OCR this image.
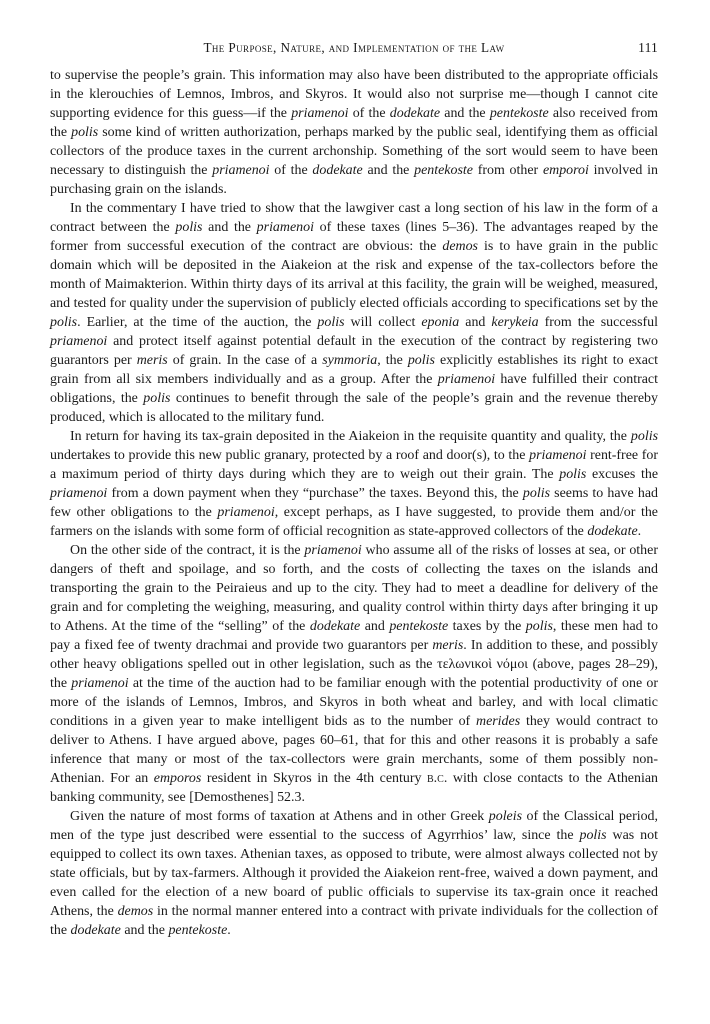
The Purpose, Nature, and Implementation of the Law	111

to supervise the people’s grain. This information may also have been distributed to the appropriate officials in the klerouchies of Lemnos, Imbros, and Skyros. It would also not surprise me—though I cannot cite supporting evidence for this guess—if the priamenoi of the dodekate and the pentekoste also received from the polis some kind of written authorization, perhaps marked by the public seal, identifying them as official collectors of the produce taxes in the current archonship. Something of the sort would seem to have been necessary to distinguish the priamenoi of the dodekate and the pentekoste from other emporoi involved in purchasing grain on the islands.

In the commentary I have tried to show that the lawgiver cast a long section of his law in the form of a contract between the polis and the priamenoi of these taxes (lines 5–36). The advantages reaped by the former from successful execution of the contract are obvious: the demos is to have grain in the public domain which will be deposited in the Aiakeion at the risk and expense of the tax-collectors before the month of Maimakterion. Within thirty days of its arrival at this facility, the grain will be weighed, measured, and tested for quality under the supervision of publicly elected officials according to specifications set by the polis. Earlier, at the time of the auction, the polis will collect eponia and kerykeia from the successful priamenoi and protect itself against potential default in the execution of the contract by registering two guarantors per meris of grain. In the case of a symmoria, the polis explicitly establishes its right to exact grain from all six members individually and as a group. After the priamenoi have fulfilled their contract obligations, the polis continues to benefit through the sale of the people’s grain and the revenue thereby produced, which is allocated to the military fund.

In return for having its tax-grain deposited in the Aiakeion in the requisite quantity and quality, the polis undertakes to provide this new public granary, protected by a roof and door(s), to the priamenoi rent-free for a maximum period of thirty days during which they are to weigh out their grain. The polis excuses the priamenoi from a down payment when they “purchase” the taxes. Beyond this, the polis seems to have had few other obligations to the priamenoi, except perhaps, as I have suggested, to provide them and/or the farmers on the islands with some form of official recognition as state-approved collectors of the dodekate.

On the other side of the contract, it is the priamenoi who assume all of the risks of losses at sea, or other dangers of theft and spoilage, and so forth, and the costs of collecting the taxes on the islands and transporting the grain to the Peiraieus and up to the city. They had to meet a deadline for delivery of the grain and for completing the weighing, measuring, and quality control within thirty days after bringing it up to Athens. At the time of the “selling” of the dodekate and pentekoste taxes by the polis, these men had to pay a fixed fee of twenty drachmai and provide two guarantors per meris. In addition to these, and possibly other heavy obligations spelled out in other legislation, such as the τελωνικοὶ νόμοι (above, pages 28–29), the priamenoi at the time of the auction had to be familiar enough with the potential productivity of one or more of the islands of Lemnos, Imbros, and Skyros in both wheat and barley, and with local climatic conditions in a given year to make intelligent bids as to the number of merides they would contract to deliver to Athens. I have argued above, pages 60–61, that for this and other reasons it is probably a safe inference that many or most of the tax-collectors were grain merchants, some of them possibly non-Athenian. For an emporos resident in Skyros in the 4th century b.c. with close contacts to the Athenian banking community, see [Demosthenes] 52.3.

Given the nature of most forms of taxation at Athens and in other Greek poleis of the Classical period, men of the type just described were essential to the success of Agyrrhios’ law, since the polis was not equipped to collect its own taxes. Athenian taxes, as opposed to tribute, were almost always collected not by state officials, but by tax-farmers. Although it provided the Aiakeion rent-free, waived a down payment, and even called for the election of a new board of public officials to supervise its tax-grain once it reached Athens, the demos in the normal manner entered into a contract with private individuals for the collection of the dodekate and the pentekoste.
